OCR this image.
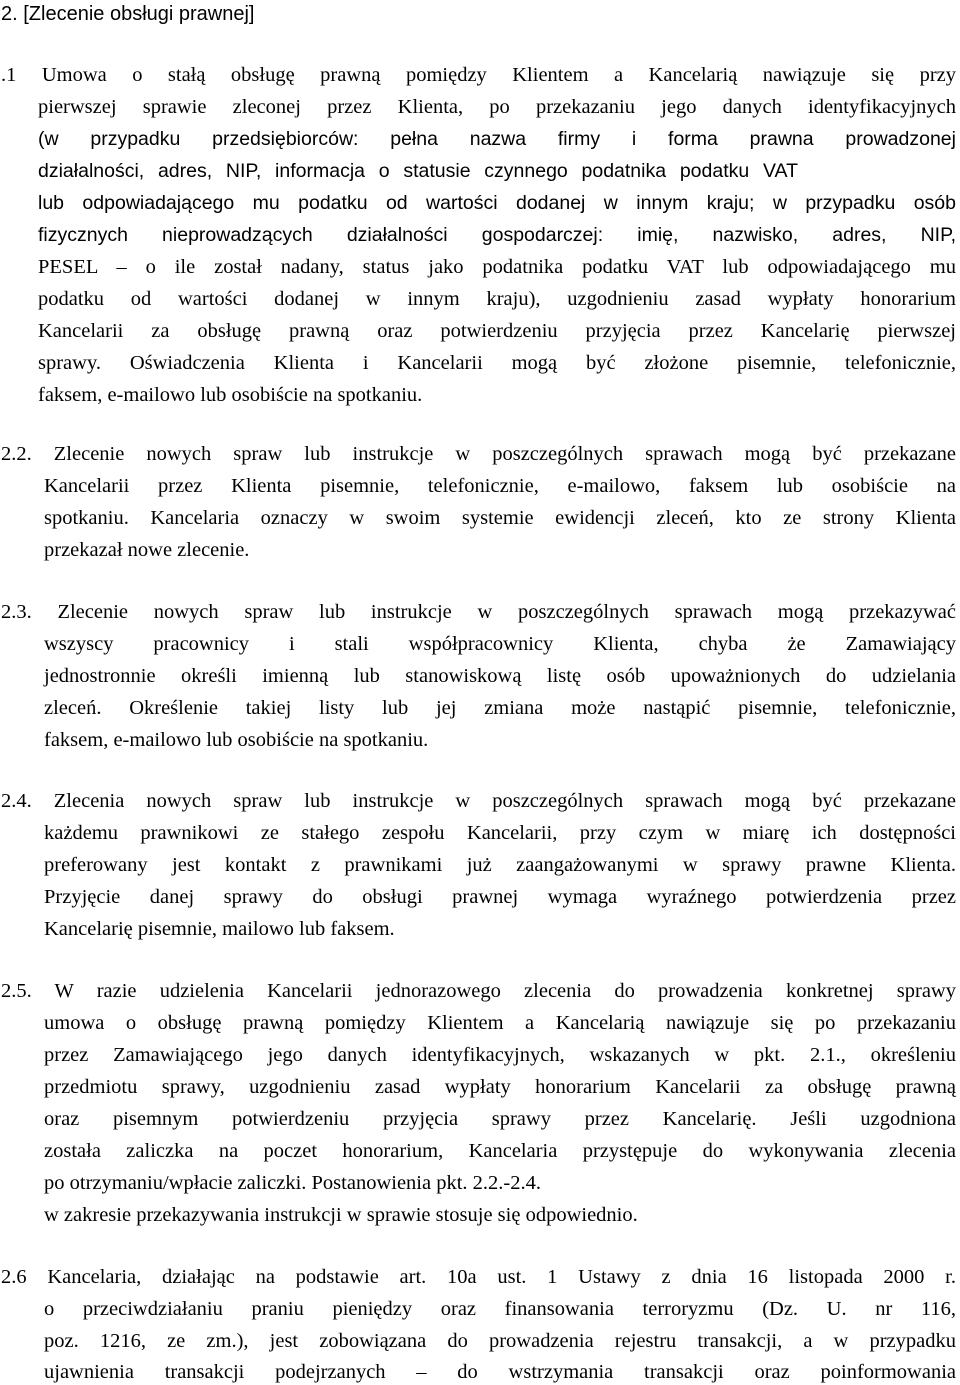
2. [Zlecenie obsługi prawnej]
.1 Umowa o stałą obsługę prawną pomiędzy Klientem a Kancelarią nawiązuje się przy
pierwszej sprawie zleconej przez Klienta, po przekazaniu jego danych identyfikacyjnych
(w przypadku przedsiębiorców: pełna nazwa firmy i forma prawna prowadzonej
działalności, adres, NIP, informacja o statusie czynnego podatnika podatku VAT
lub odpowiadającego mu podatku od wartości dodanej w innym kraju; w przypadku osób
fizycznych nieprowadzących działalności gospodarczej: imię, nazwisko, adres, NIP,
PESEL – o ile został nadany, status jako podatnika podatku VAT lub odpowiadającego mu
podatku od wartości dodanej w innym kraju), uzgodnieniu zasad wypłaty honorarium
Kancelarii za obsługę prawną oraz potwierdzeniu przyjęcia przez Kancelarię pierwszej
sprawy. Oświadczenia Klienta i Kancelarii mogą być złożone pisemnie, telefonicznie,
faksem, e-mailowo lub osobiście na spotkaniu.
2.2. Zlecenie nowych spraw lub instrukcje w poszczególnych sprawach mogą być przekazane
Kancelarii przez Klienta pisemnie, telefonicznie, e-mailowo, faksem lub osobiście na
spotkaniu. Kancelaria oznaczy w swoim systemie ewidencji zleceń, kto ze strony Klienta
przekazał nowe zlecenie.
2.3. Zlecenie nowych spraw lub instrukcje w poszczególnych sprawach mogą przekazywać
wszyscy pracownicy i stali współpracownicy Klienta, chyba że Zamawiający
jednostronnie określi imienną lub stanowiskową listę osób upoważnionych do udzielania
zleceń. Określenie takiej listy lub jej zmiana może nastąpić pisemnie, telefonicznie,
faksem, e-mailowo lub osobiście na spotkaniu.
2.4. Zlecenia nowych spraw lub instrukcje w poszczególnych sprawach mogą być przekazane
każdemu prawnikowi ze stałego zespołu Kancelarii, przy czym w miarę ich dostępności
preferowany jest kontakt z prawnikami już zaangażowanymi w sprawy prawne Klienta.
Przyjęcie danej sprawy do obsługi prawnej wymaga wyraźnego potwierdzenia przez
Kancelarię pisemnie, mailowo lub faksem.
2.5. W razie udzielenia Kancelarii jednorazowego zlecenia do prowadzenia konkretnej sprawy
umowa o obsługę prawną pomiędzy Klientem a Kancelarią nawiązuje się po przekazaniu
przez Zamawiającego jego danych identyfikacyjnych, wskazanych w pkt. 2.1., określeniu
przedmiotu sprawy, uzgodnieniu zasad wypłaty honorarium Kancelarii za obsługę prawną
oraz pisemnym potwierdzeniu przyjęcia sprawy przez Kancelarię. Jeśli uzgodniona
została zaliczka na poczet honorarium, Kancelaria przystępuje do wykonywania zlecenia
po otrzymaniu/wpłacie zaliczki. Postanowienia pkt. 2.2.-2.4.
w zakresie przekazywania instrukcji w sprawie stosuje się odpowiednio.
2.6 Kancelaria, działając na podstawie art. 10a ust. 1 Ustawy z dnia 16 listopada 2000 r.
o przeciwdziałaniu praniu pieniędzy oraz finansowania terroryzmu (Dz. U. nr 116,
poz. 1216, ze zm.), jest zobowiązana do prowadzenia rejestru transakcji, a w przypadku
ujawnienia transakcji podejrzanych – do wstrzymania transakcji oraz poinformowania
